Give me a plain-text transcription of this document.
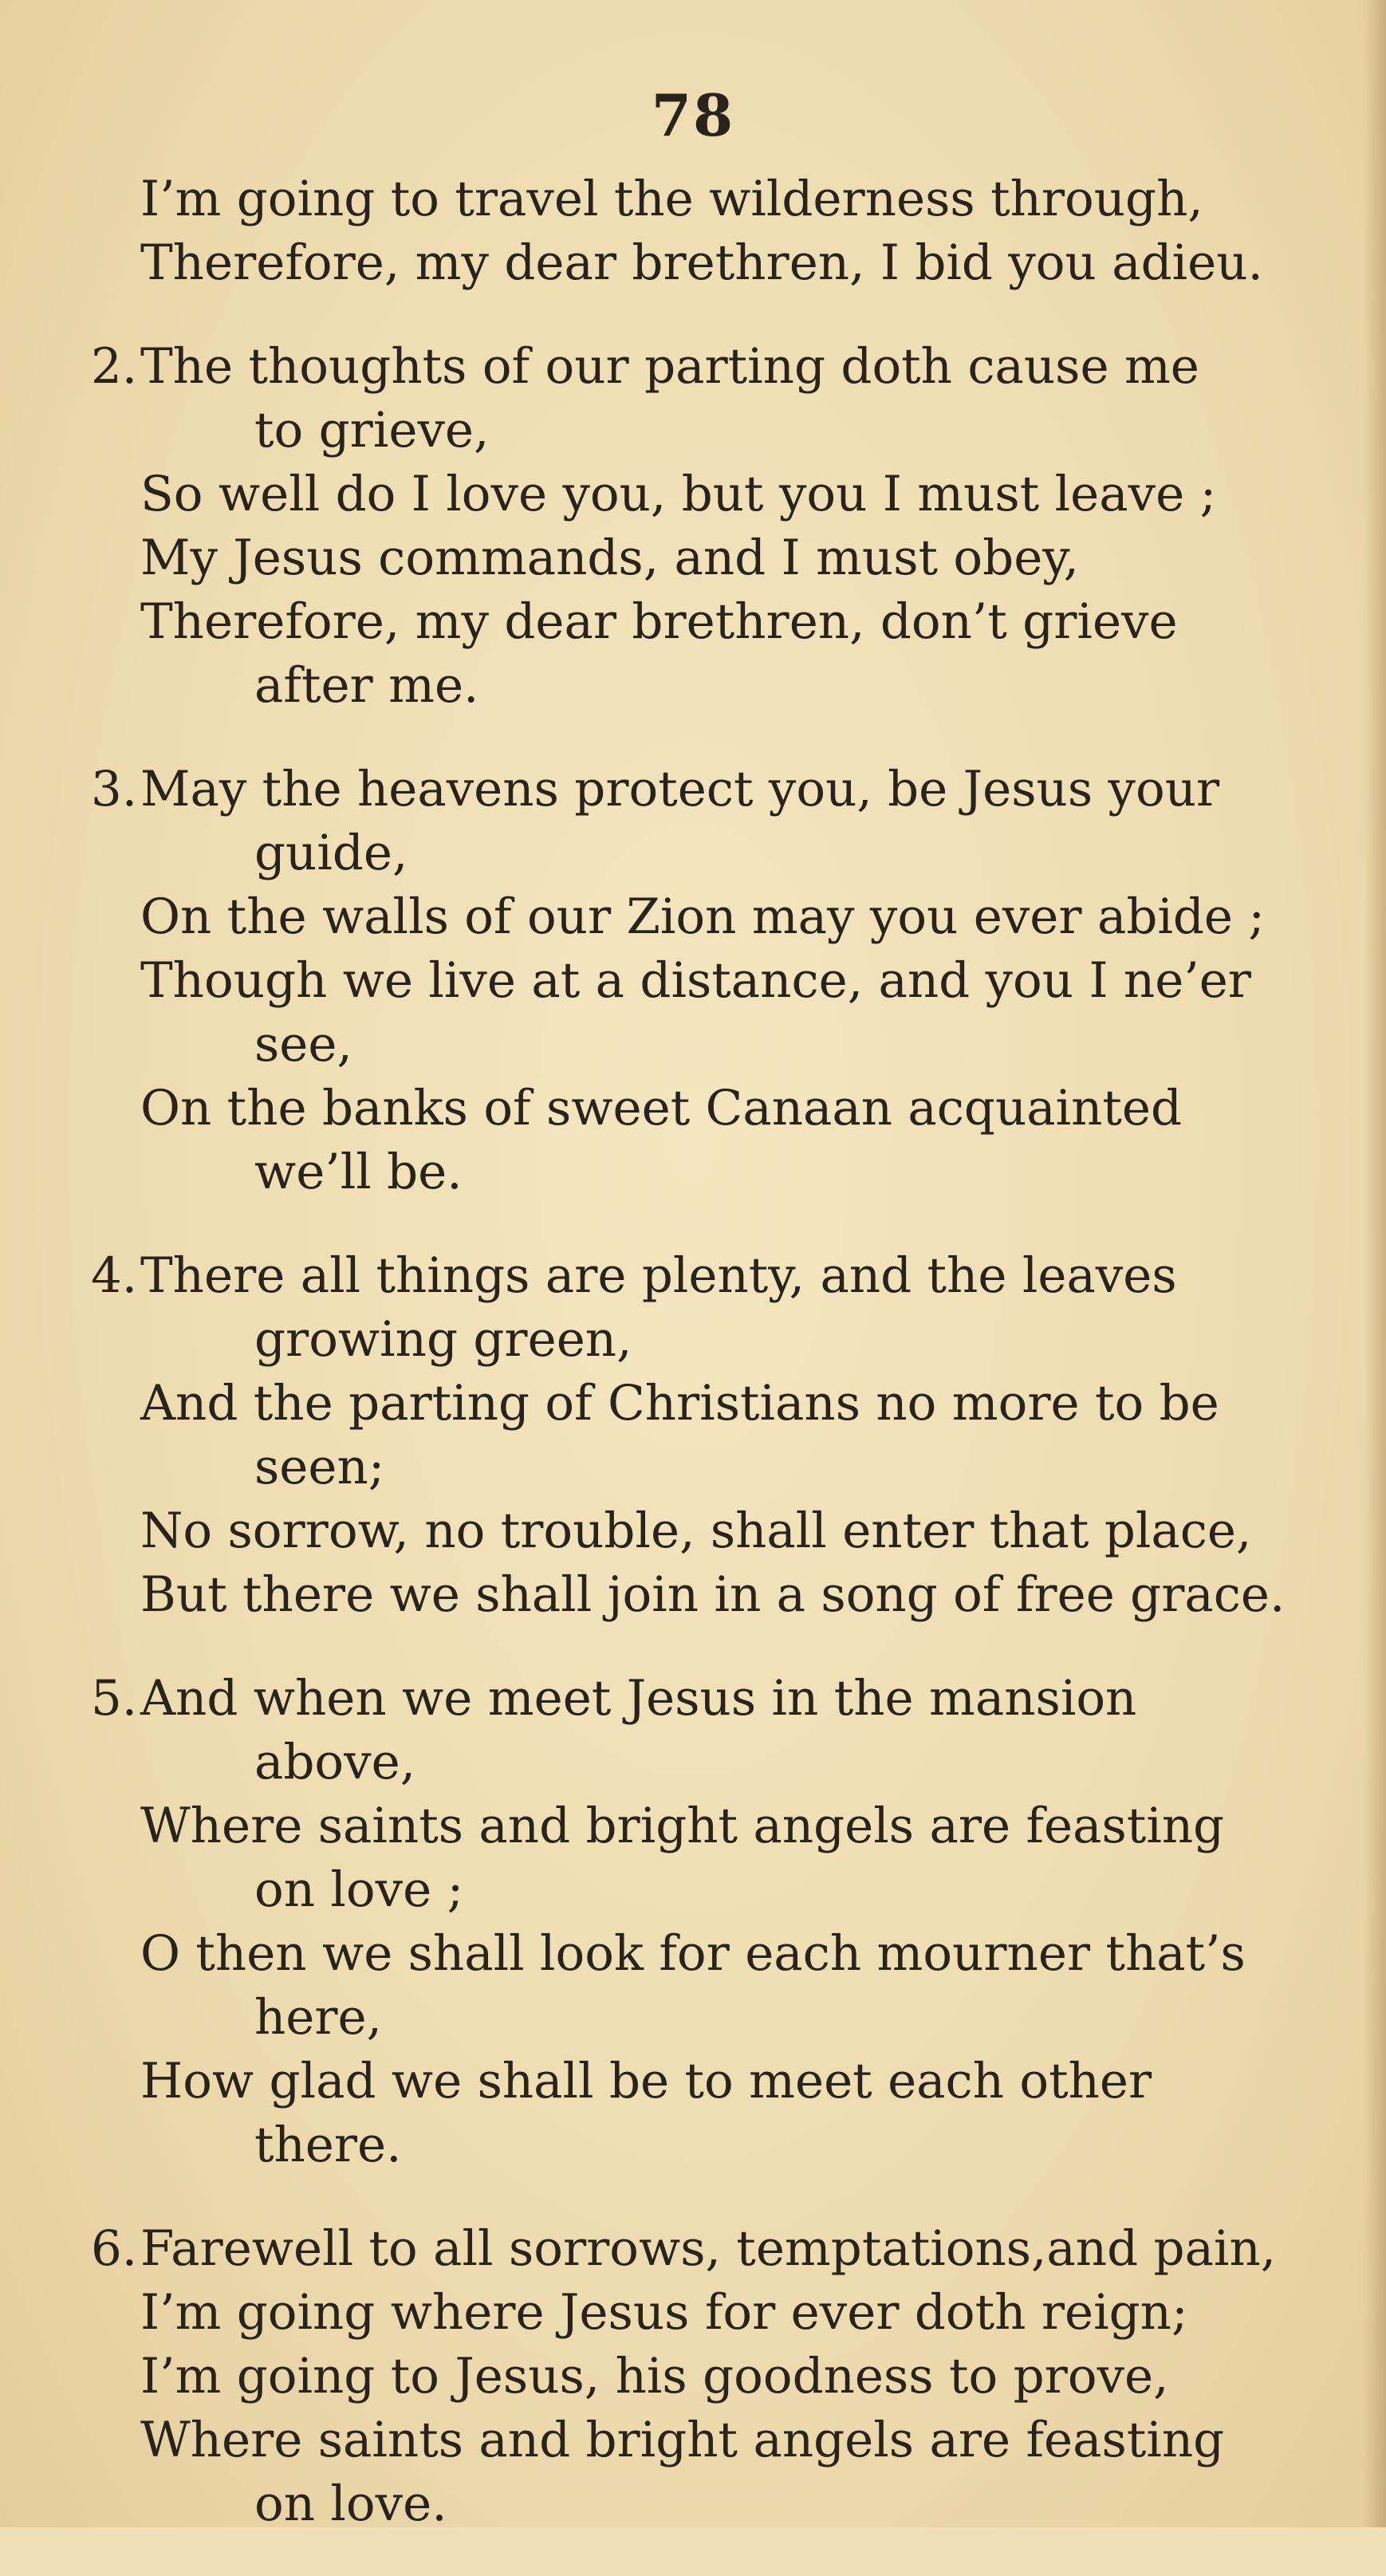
78
I’m going to travel the wilderness through,
Therefore, my dear brethren, I bid you adieu.
2. The thoughts of our parting doth cause me
to grieve,
So well do I love you, but you I must leave ;
My Jesus commands, and I must obey,
Therefore, my dear brethren, don’t grieve
after me.
3. May the heavens protect you, be Jesus your
guide,
On the walls of our Zion may you ever abide ;
Though we live at a distance, and you I ne’er
see,
On the banks of sweet Canaan acquainted
we’ll be.
4. There all things are plenty, and the leaves
growing green,
And the parting of Christians no more to be
seen;
No sorrow, no trouble, shall enter that place,
But there we shall join in a song of free grace.
5. And when we meet Jesus in the mansion
above,
Where saints and bright angels are feasting
on love ;
O then we shall look for each mourner that’s
here,
How glad we shall be to meet each other
there.
6. Farewell to all sorrows, temptations,and pain,
I’m going where Jesus for ever doth reign;
I’m going to Jesus, his goodness to prove,
Where saints and bright angels are feasting
on love.
